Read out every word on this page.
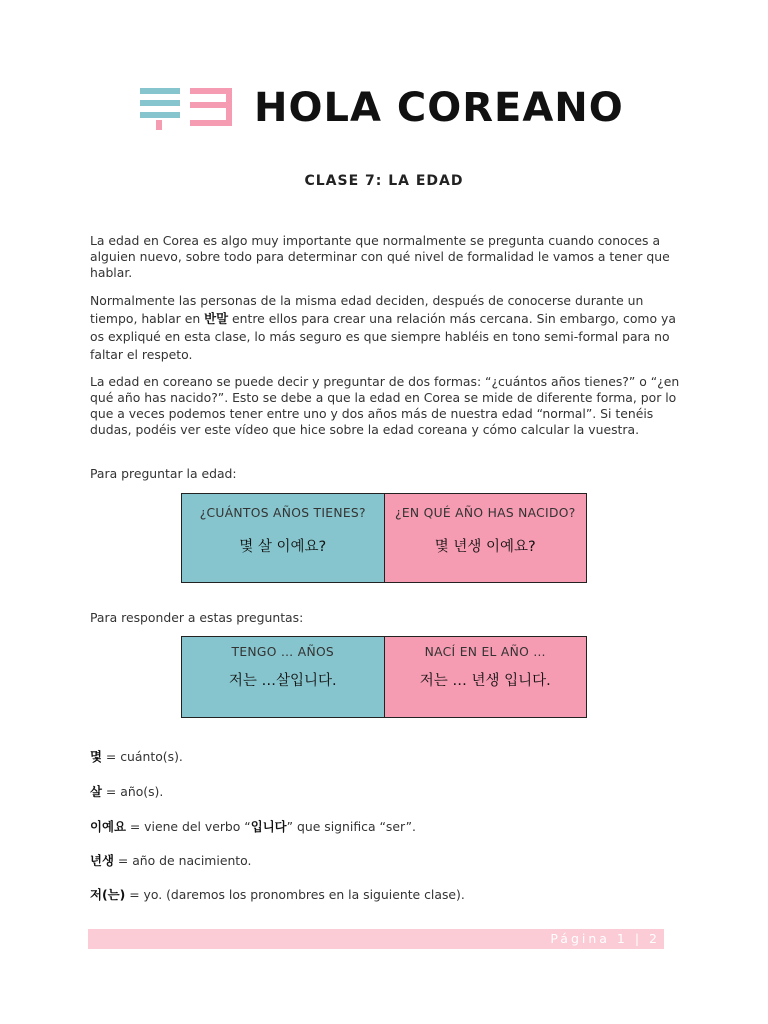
HOLA COREANO
CLASE 7: LA EDAD

La edad en Corea es algo muy importante que normalmente se pregunta cuando conoces a alguien nuevo, sobre todo para determinar con qué nivel de formalidad le vamos a tener que hablar.

Normalmente las personas de la misma edad deciden, después de conocerse durante un tiempo, hablar en 반말 entre ellos para crear una relación más cercana. Sin embargo, como ya os expliqué en esta clase, lo más seguro es que siempre habléis en tono semi-formal para no faltar el respeto.

La edad en coreano se puede decir y preguntar de dos formas: “¿cuántos años tienes?” o “¿en qué año has nacido?”. Esto se debe a que la edad en Corea se mide de diferente forma, por lo que a veces podemos tener entre uno y dos años más de nuestra edad “normal”. Si tenéis dudas, podéis ver este vídeo que hice sobre la edad coreana y cómo calcular la vuestra.

Para preguntar la edad:
¿CUÁNTOS AÑOS TIENES?
몇 살 이예요?

¿EN QUÉ AÑO HAS NACIDO?
몇 년생 이예요?
Para responder a estas preguntas:
TENGO … AÑOS
저는 …살입니다.

NACÍ EN EL AÑO …
저는 … 년생 입니다.
몇 = cuánto(s).
살 = año(s).
이예요 = viene del verbo “입니다” que significa “ser”.
년생 = año de nacimiento.
저(는) = yo. (daremos los pronombres en la siguiente clase).
Página 1 | 2
